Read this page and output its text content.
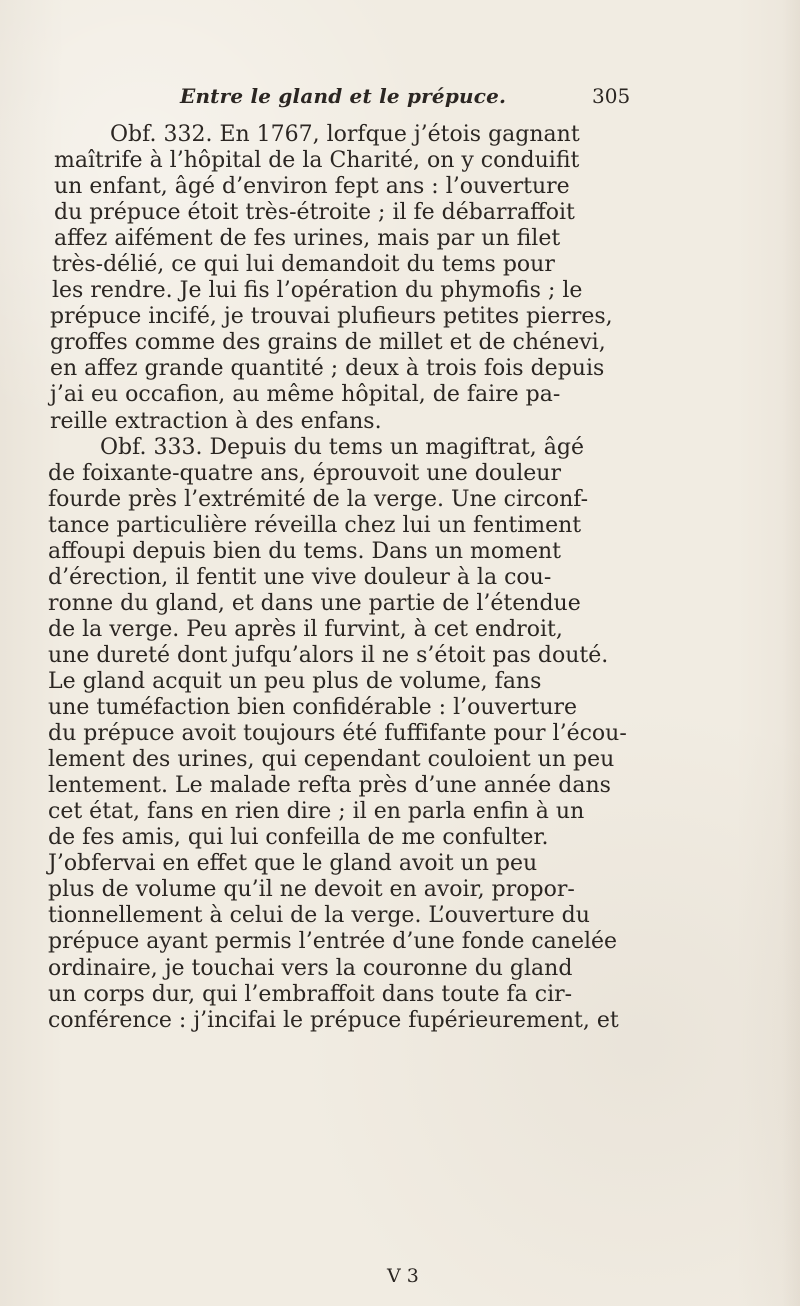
Entre le gland et le prépuce.	305
Obf. 332. En 1767, lorfque j’étois gagnant
maîtrife à l’hôpital de la Charité, on y conduifit
un enfant, âgé d’environ fept ans : l’ouverture
du prépuce étoit très-étroite ; il fe débarraffoit
affez aifément de fes urines, mais par un filet
très-délié, ce qui lui demandoit du tems pour
les rendre. Je lui fis l’opération du phymofis ; le
prépuce incifé, je trouvai plufieurs petites pierres,
groffes comme des grains de millet et de chénevi,
en affez grande quantité ; deux à trois fois depuis
j’ai eu occafion, au même hôpital, de faire pa-
reille extraction à des enfans.
Obf. 333. Depuis du tems un magiftrat, âgé
de foixante-quatre ans, éprouvoit une douleur
fourde près l’extrémité de la verge. Une circonf-
tance particulière réveilla chez lui un fentiment
affoupi depuis bien du tems. Dans un moment
d’érection, il fentit une vive douleur à la cou-
ronne du gland, et dans une partie de l’étendue
de la verge. Peu après il furvint, à cet endroit,
une dureté dont jufqu’alors il ne s’étoit pas douté.
Le gland acquit un peu plus de volume, fans
une tuméfaction bien confidérable : l’ouverture
du prépuce avoit toujours été fuffifante pour l’écou-
lement des urines, qui cependant couloient un peu
lentement. Le malade refta près d’une année dans
cet état, fans en rien dire ; il en parla enfin à un
de fes amis, qui lui confeilla de me confulter.
J’obfervai en effet que le gland avoit un peu
plus de volume qu’il ne devoit en avoir, propor-
tionnellement à celui de la verge. L’ouverture du
prépuce ayant permis l’entrée d’une fonde canelée
ordinaire, je touchai vers la couronne du gland
un corps dur, qui l’embraffoit dans toute fa cir-
conférence : j’incifai le prépuce fupérieurement, et
V 3
